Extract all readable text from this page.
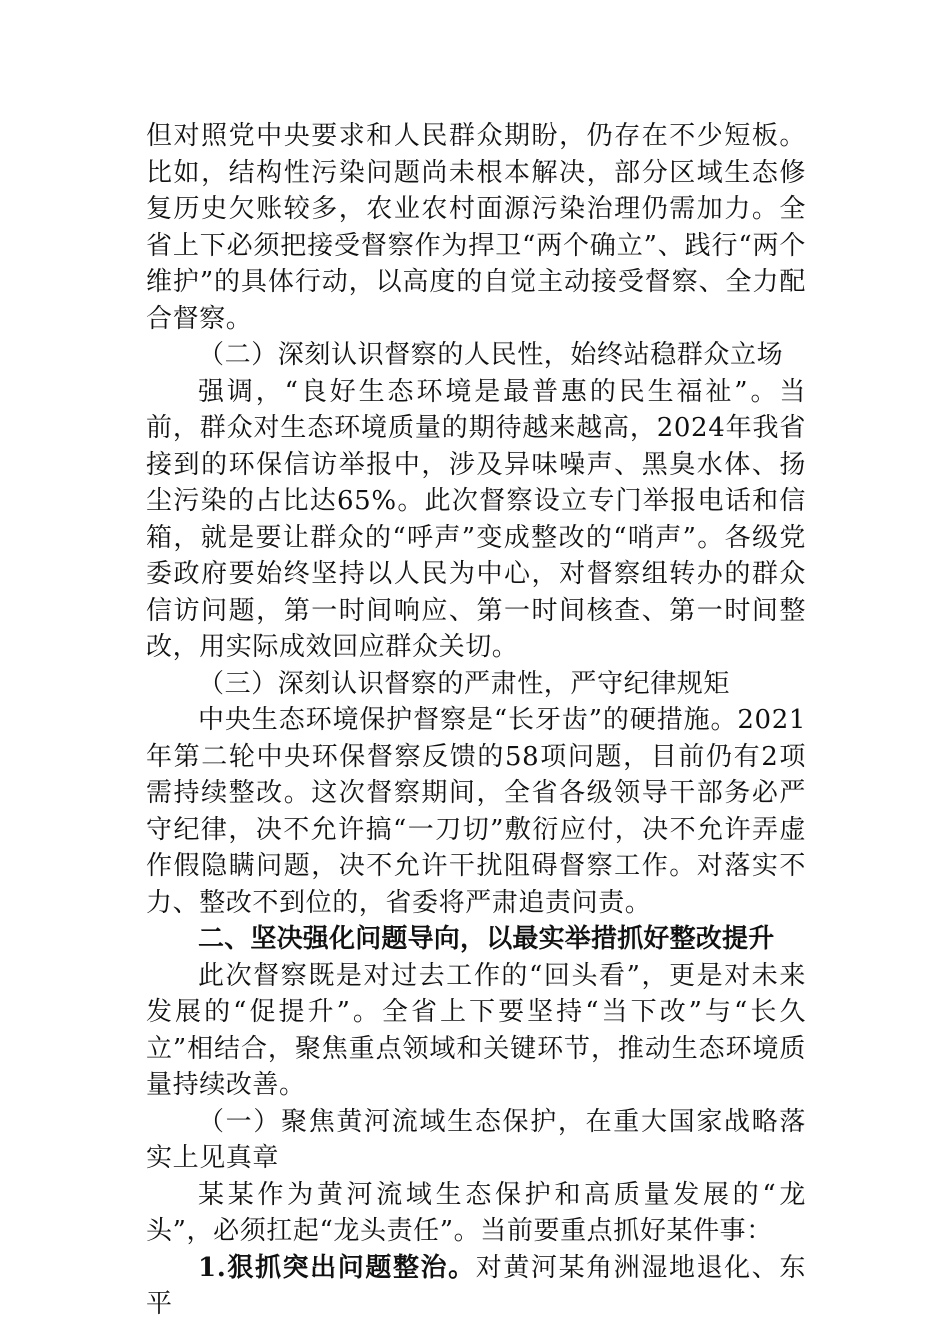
但对照党中央要求和人民群众期盼，仍存在不少短板。比如，结构性污染问题尚未根本解决，部分区域生态修复历史欠账较多，农业农村面源污染治理仍需加力。全省上下必须把接受督察作为捍卫“两个确立”、践行“两个维护”的具体行动，以高度的自觉主动接受督察、全力配合督察。

（二）深刻认识督察的人民性，始终站稳群众立场

强调，“良好生态环境是最普惠的民生福祉”。当前，群众对生态环境质量的期待越来越高，2024年我省接到的环保信访举报中，涉及异味噪声、黑臭水体、扬尘污染的占比达65%。此次督察设立专门举报电话和信箱，就是要让群众的“呼声”变成整改的“哨声”。各级党委政府要始终坚持以人民为中心，对督察组转办的群众信访问题，第一时间响应、第一时间核查、第一时间整改，用实际成效回应群众关切。

（三）深刻认识督察的严肃性，严守纪律规矩

中央生态环境保护督察是“长牙齿”的硬措施。2021年第二轮中央环保督察反馈的58项问题，目前仍有2项需持续整改。这次督察期间，全省各级领导干部务必严守纪律，决不允许搞“一刀切”敷衍应付，决不允许弄虚作假隐瞒问题，决不允许干扰阻碍督察工作。对落实不力、整改不到位的，省委将严肃追责问责。

二、坚决强化问题导向，以最实举措抓好整改提升

此次督察既是对过去工作的“回头看”，更是对未来发展的“促提升”。全省上下要坚持“当下改”与“长久立”相结合，聚焦重点领域和关键环节，推动生态环境质量持续改善。

（一）聚焦黄河流域生态保护，在重大国家战略落实上见真章

某某作为黄河流域生态保护和高质量发展的“龙头”，必须扛起“龙头责任”。当前要重点抓好某件事：

1.狠抓突出问题整治。对黄河某角洲湿地退化、东平
